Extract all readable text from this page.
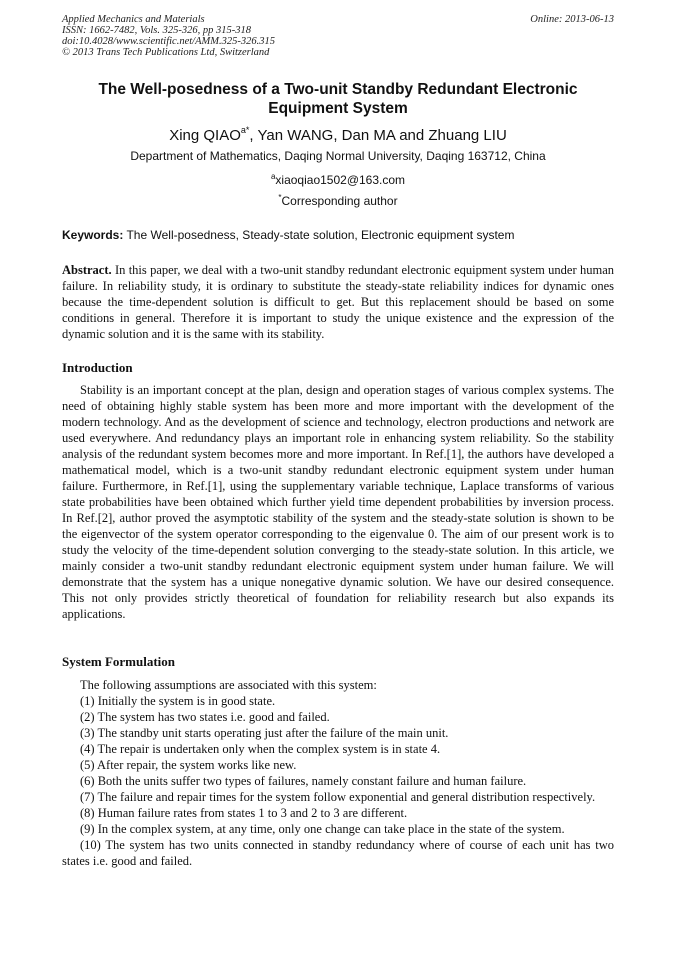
Applied Mechanics and Materials
ISSN: 1662-7482, Vols. 325-326, pp 315-318
doi:10.4028/www.scientific.net/AMM.325-326.315
© 2013 Trans Tech Publications Ltd, Switzerland
Online: 2013-06-13
The Well-posedness of a Two-unit Standby Redundant Electronic Equipment System
Xing $QIAO^{a*}$, Yan WANG, Dan MA and Zhuang LIU
Department of Mathematics, Daqing Normal University, Daqing 163712, China
$^a$xiaoqiao1502@163.com
*Corresponding author
Keywords: The Well-posedness, Steady-state solution, Electronic equipment system
Abstract. In this paper, we deal with a two-unit standby redundant electronic equipment system under human failure. In reliability study, it is ordinary to substitute the steady-state reliability indices for dynamic ones because the time-dependent solution is difficult to get. But this replacement should be based on some conditions in general. Therefore it is important to study the unique existence and the expression of the dynamic solution and it is the same with its stability.
Introduction
Stability is an important concept at the plan, design and operation stages of various complex systems. The need of obtaining highly stable system has been more and more important with the development of the modern technology. And as the development of science and technology, electron productions and network are used everywhere. And redundancy plays an important role in enhancing system reliability. So the stability analysis of the redundant system becomes more and more important. In Ref.[1], the authors have developed a mathematical model, which is a two-unit standby redundant electronic equipment system under human failure. Furthermore, in Ref.[1], using the supplementary variable technique, Laplace transforms of various state probabilities have been obtained which further yield time dependent probabilities by inversion process. In Ref.[2], author proved the asymptotic stability of the system and the steady-state solution is shown to be the eigenvector of the system operator corresponding to the eigenvalue 0. The aim of our present work is to study the velocity of the time-dependent solution converging to the steady-state solution. In this article, we mainly consider a two-unit standby redundant electronic equipment system under human failure. We will demonstrate that the system has a unique nonegative dynamic solution. We have our desired consequence. This not only provides strictly theoretical of foundation for reliability research but also expands its applications.
System Formulation
The following assumptions are associated with this system:
(1) Initially the system is in good state.
(2) The system has two states i.e. good and failed.
(3) The standby unit starts operating just after the failure of the main unit.
(4) The repair is undertaken only when the complex system is in state 4.
(5) After repair, the system works like new.
(6) Both the units suffer two types of failures, namely constant failure and human failure.
(7) The failure and repair times for the system follow exponential and general distribution respectively.
(8) Human failure rates from states 1 to 3 and 2 to 3 are different.
(9) In the complex system, at any time, only one change can take place in the state of the system.
(10) The system has two units connected in standby redundancy where of course of each unit has two states i.e. good and failed.
